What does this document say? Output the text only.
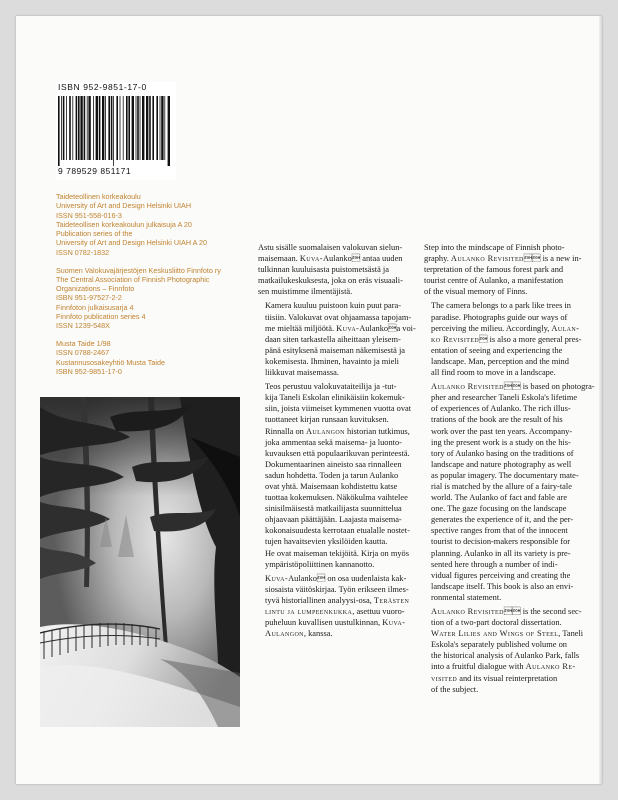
ISBN 952-9851-17-0
9 789529 851171
Taideteollinen korkeakoulu
University of Art and Design Helsinki UIAH
ISSN 951-558-016-3
Taideteollisen korkeakoulun julkaisuja A 20
Publication series of the
University of Art and Design Helsinki UIAH A 20
ISSN 0782-1832
Suomen Valokuvajärjestöjen Keskusliitto Finnfoto ry
The Central Association of Finnish Photographic
Organizations – Finnfoto
ISBN 951-97527-2-2
Finnfoton julkaisusarja 4
Finnfoto publication series 4
ISSN 1239-548X
Musta Taide 1/98
ISSN 0788-2467
Kustannusosakeyhtiö Musta Taide
ISBN 952-9851-17-0

Astu sisälle suomalaisen valokuvan sielun-
maisemaan. Kuva-Aulanko antaa uuden
tulkinnan kuuluisasta puistometsästä ja
matkailukeskuksesta, joka on eräs visuaali-
sen muistimme ilmentäjistä.

Kamera kuuluu puistoon kuin puut para-
tiisiin. Valokuvat ovat ohjaamassa tapojam-
me mieltää miljöötä. Kuva-Aulankoa voi-
daan siten tarkastella aiheittaan yleisem-
pänä esityksenä maiseman näkemisestä ja
kokemisesta. Ihminen, havainto ja mieli
liikkuvat maisemassa.

Teos perustuu valokuvataiteilija ja -tut-
kija Taneli Eskolan elinikäisiin kokemuk-
siin, joista viimeiset kymmenen vuotta ovat
tuottaneet kirjan runsaan kuvituksen.
Rinnalla on Aulangon historian tutkimus,
joka ammentaa sekä maisema- ja luonto-
kuvauksen että populaarikuvan perinteestä.
Dokumentaarinen aineisto saa rinnalleen
sadun hohdetta. Toden ja tarun Aulanko
ovat yhtä. Maisemaan kohdistettu katse
tuottaa kokemuksen. Näkökulma vaihtelee
sinisilmäisestä matkailijasta suunnittelua
ohjaavaan päättäjään. Laajasta maisema-
kokonaisuudesta kerrotaan etualalle nostet-
tujen havaitsevien yksilöiden kautta.
He ovat maiseman tekijöitä. Kirja on myös
ympäristöpoliittinen kannanotto.

Kuva-Aulanko on osa uudenlaista kak-
siosaista väitöskirjaa. Työn erikseen ilmes-
tyvä historiallinen analyysi-osa, Terästen
lintu ja lumpeenkukka, asettuu vuoro-
puheluun kuvallisen uustulkinnan, Kuva-
Aulangon, kanssa.

Step into the mindscape of Finnish photo-
graphy. Aulanko Revisited is a new in-
terpretation of the famous forest park and
tourist centre of Aulanko, a manifestation
of the visual memory of Finns.

The camera belongs to a park like trees in
paradise. Photographs guide our ways of
perceiving the milieu. Accordingly, Aulan-
ko Revisited is also a more general pres-
entation of seeing and experiencing the
landscape. Man, perception and the mind
all find room to move in a landscape.

Aulanko Revisited is based on photogra-
pher and researcher Taneli Eskola's lifetime
of experiences of Aulanko. The rich illus-
trations of the book are the result of his
work over the past ten years. Accompany-
ing the present work is a study on the his-
tory of Aulanko basing on the traditions of
landscape and nature photography as well
as popular imagery. The documentary mate-
rial is matched by the allure of a fairy-tale
world. The Aulanko of fact and fable are
one. The gaze focusing on the landscape
generates the experience of it, and the per-
spective ranges from that of the innocent
tourist to decision-makers responsible for
planning. Aulanko in all its variety is pre-
sented here through a number of indi-
vidual figures perceiving and creating the
landscape itself. This book is also an envi-
ronmental statement.

Aulanko Revisited is the second sec-
tion of a two-part doctoral dissertation.
Water Lilies and Wings of Steel, Taneli
Eskola's separately published volume on
the historical analysis of Aulanko Park, falls
into a fruitful dialogue with Aulanko Re-
visited and its visual reinterpretation
of the subject.
